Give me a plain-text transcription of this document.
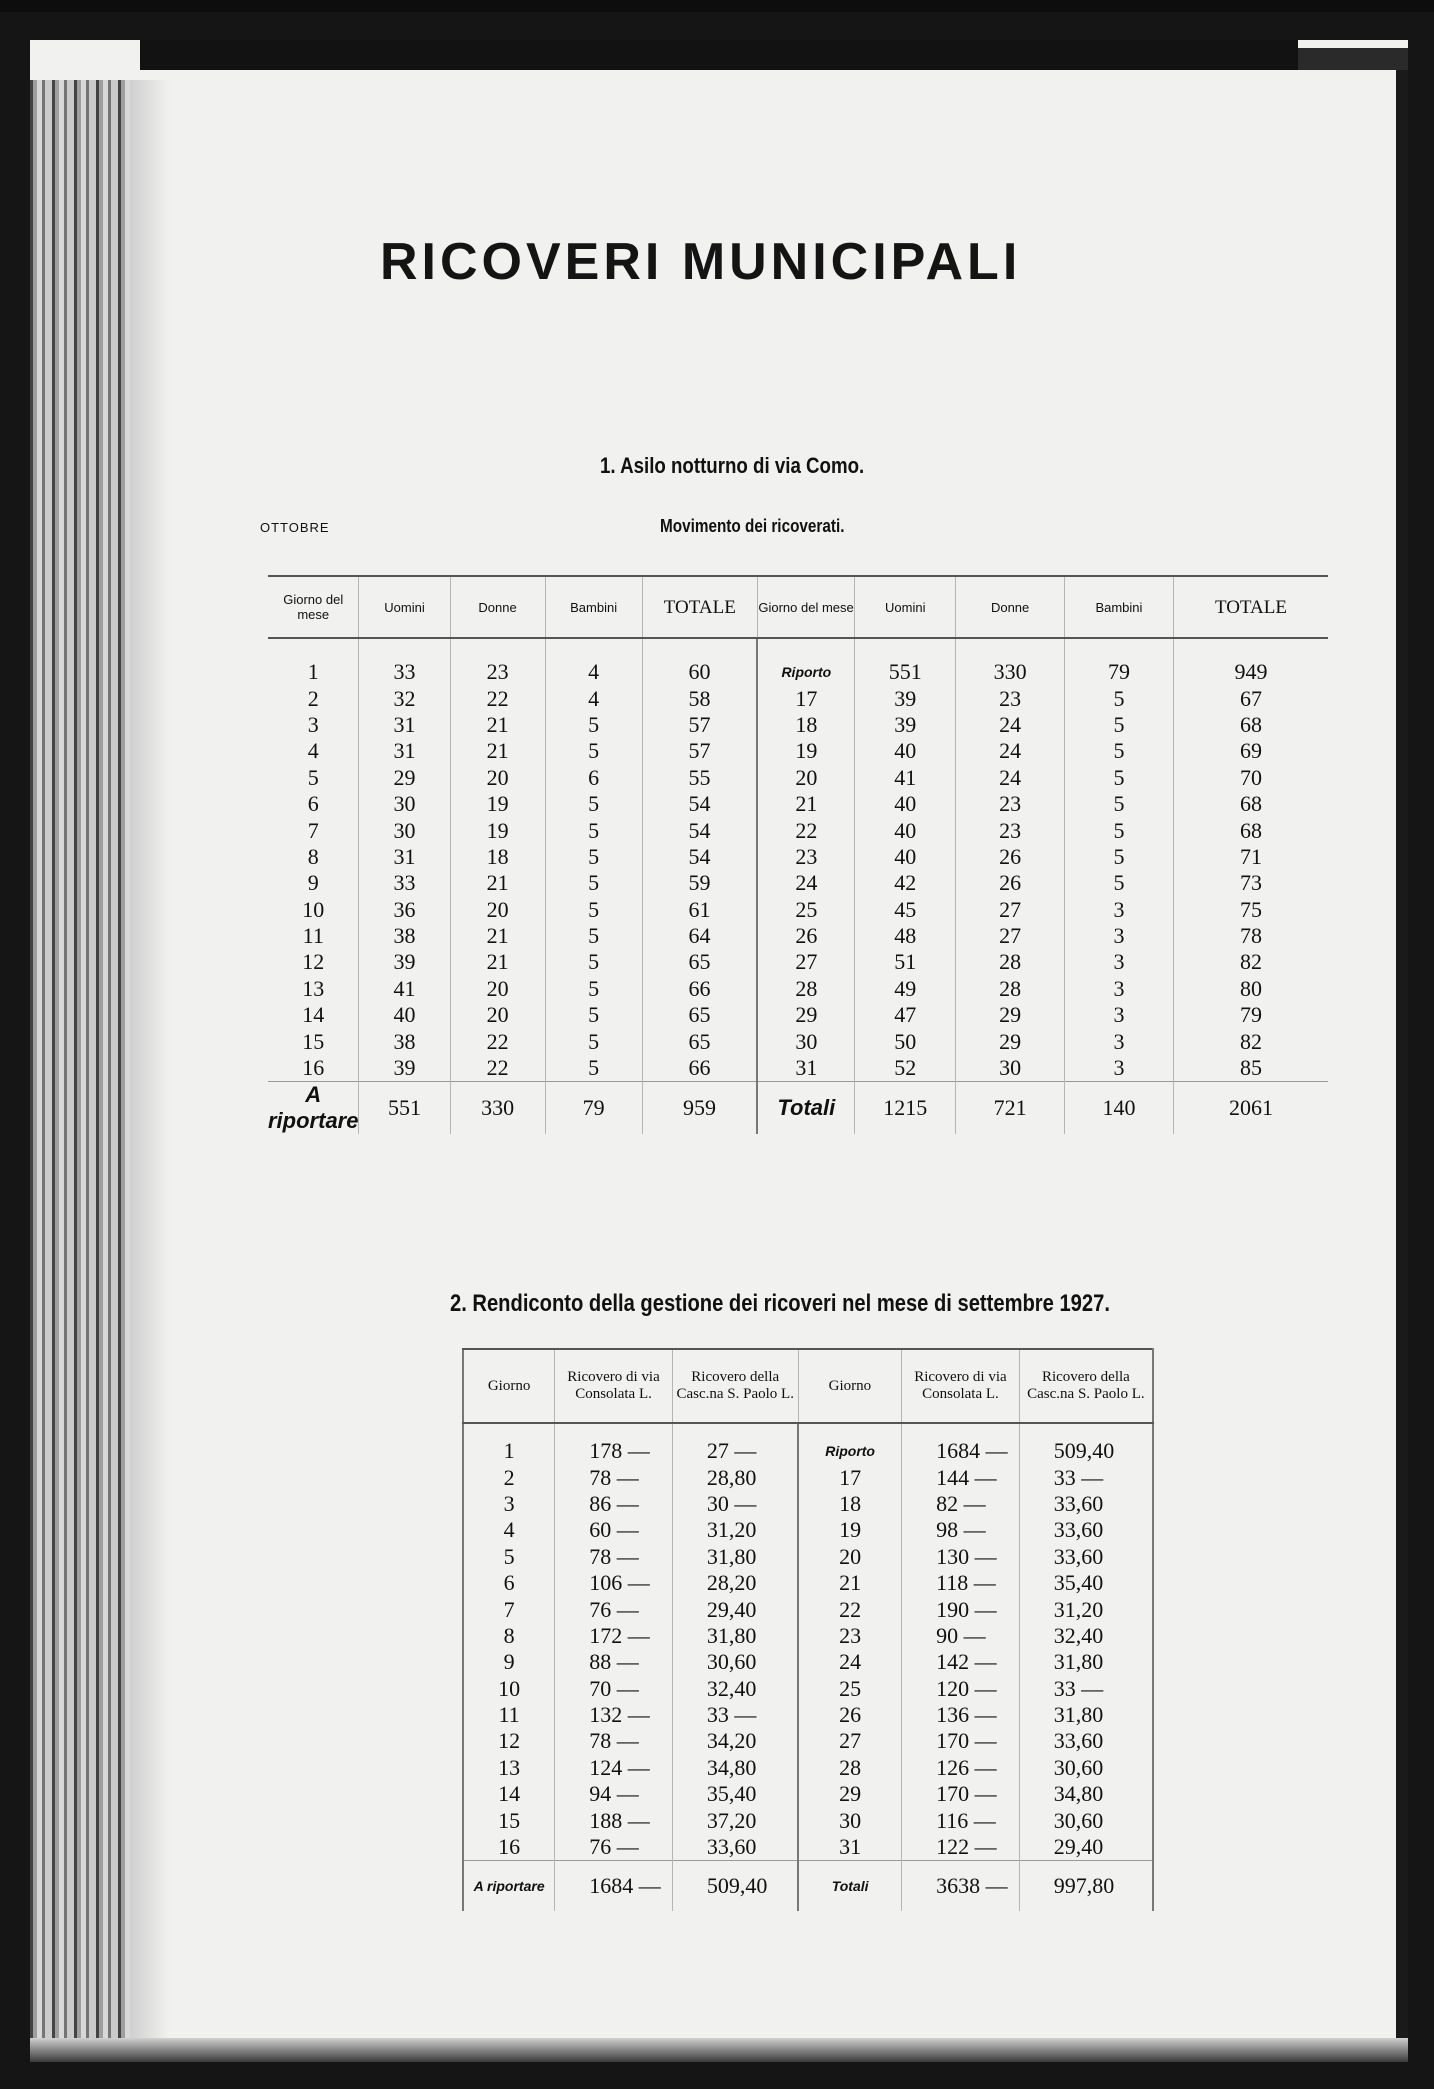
RICOVERI MUNICIPALI
1. Asilo notturno di via Como.
OTTOBRE	Movimento dei ricoverati.
Giorno del mese	Uomini	Donne	Bambini	TOTALE	Giorno del mese	Uomini	Donne	Bambini	TOTALE

1	33	23	4	60	Riporto	551	330	79	949
2	32	22	4	58	17	39	23	5	67
3	31	21	5	57	18	39	24	5	68
4	31	21	5	57	19	40	24	5	69
5	29	20	6	55	20	41	24	5	70
6	30	19	5	54	21	40	23	5	68
7	30	19	5	54	22	40	23	5	68
8	31	18	5	54	23	40	26	5	71
9	33	21	5	59	24	42	26	5	73
10	36	20	5	61	25	45	27	3	75
11	38	21	5	64	26	48	27	3	78
12	39	21	5	65	27	51	28	3	82
13	41	20	5	66	28	49	28	3	80
14	40	20	5	65	29	47	29	3	79
15	38	22	5	65	30	50	29	3	82
16	39	22	5	66	31	52	30	3	85
A riportare	551	330	79	959	Totali	1215	721	140	2061
2. Rendiconto della gestione dei ricoveri nel mese di settembre 1927.
Giorno	Ricovero di via Consolata L.	Ricovero della Casc.na S. Paolo L.	Giorno	Ricovero di via Consolata L.	Ricovero della Casc.na S. Paolo L.

1	178 —	27 —	Riporto	1684 —	509,40
2	78 —	28,80	17	144 —	33 —
3	86 —	30 —	18	82 —	33,60
4	60 —	31,20	19	98 —	33,60
5	78 —	31,80	20	130 —	33,60
6	106 —	28,20	21	118 —	35,40
7	76 —	29,40	22	190 —	31,20
8	172 —	31,80	23	90 —	32,40
9	88 —	30,60	24	142 —	31,80
10	70 —	32,40	25	120 —	33 —
11	132 —	33 —	26	136 —	31,80
12	78 —	34,20	27	170 —	33,60
13	124 —	34,80	28	126 —	30,60
14	94 —	35,40	29	170 —	34,80
15	188 —	37,20	30	116 —	30,60
16	76 —	33,60	31	122 —	29,40
A riportare	1684 —	509,40	Totali	3638 —	997,80
